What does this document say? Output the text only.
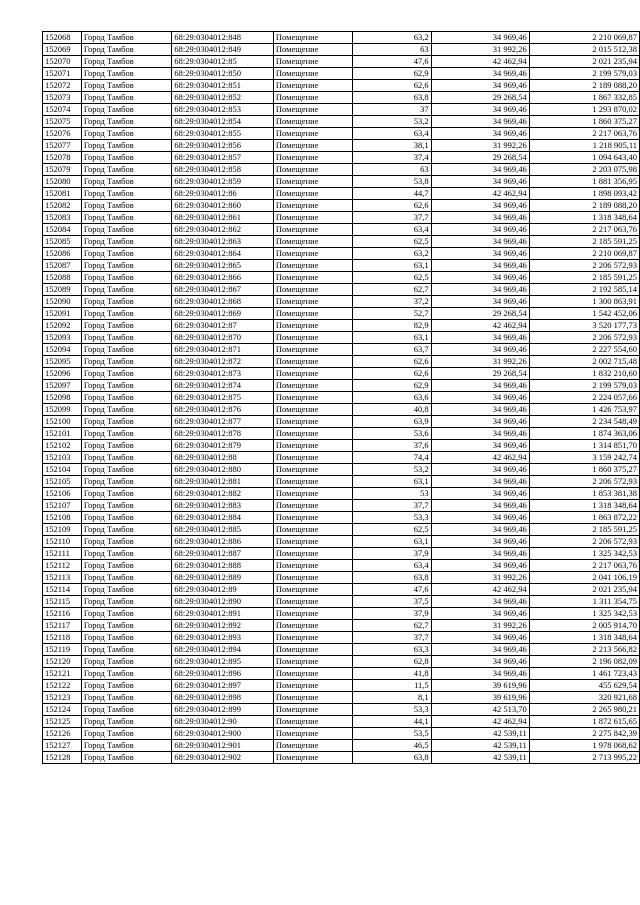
152068	Город Тамбов	68:29:0304012:848	Помещение	63,2	34 969,46	2 210 069,87
152069	Город Тамбов	68:29:0304012:849	Помещение	63	31 992,26	2 015 512,38
152070	Город Тамбов	68:29:0304012:85	Помещение	47,6	42 462,94	2 021 235,94
152071	Город Тамбов	68:29:0304012:850	Помещение	62,9	34 969,46	2 199 579,03
152072	Город Тамбов	68:29:0304012:851	Помещение	62,6	34 969,46	2 189 088,20
152073	Город Тамбов	68:29:0304012:852	Помещение	63,8	29 268,54	1 867 332,85
152074	Город Тамбов	68:29:0304012:853	Помещение	37	34 969,46	1 293 870,02
152075	Город Тамбов	68:29:0304012:854	Помещение	53,2	34 969,46	1 860 375,27
152076	Город Тамбов	68:29:0304012:855	Помещение	63,4	34 969,46	2 217 063,76
152077	Город Тамбов	68:29:0304012:856	Помещение	38,1	31 992,26	1 218 905,11
152078	Город Тамбов	68:29:0304012:857	Помещение	37,4	29 268,54	1 094 643,40
152079	Город Тамбов	68:29:0304012:858	Помещение	63	34 969,46	2 203 075,98
152080	Город Тамбов	68:29:0304012:859	Помещение	53,8	34 969,46	1 881 356,95
152081	Город Тамбов	68:29:0304012:86	Помещение	44,7	42 462,94	1 898 093,42
152082	Город Тамбов	68:29:0304012:860	Помещение	62,6	34 969,46	2 189 088,20
152083	Город Тамбов	68:29:0304012:861	Помещение	37,7	34 969,46	1 318 348,64
152084	Город Тамбов	68:29:0304012:862	Помещение	63,4	34 969,46	2 217 063,76
152085	Город Тамбов	68:29:0304012:863	Помещение	62,5	34 969,46	2 185 591,25
152086	Город Тамбов	68:29:0304012:864	Помещение	63,2	34 969,46	2 210 069,87
152087	Город Тамбов	68:29:0304012:865	Помещение	63,1	34 969,46	2 206 572,93
152088	Город Тамбов	68:29:0304012:866	Помещение	62,5	34 969,46	2 185 591,25
152089	Город Тамбов	68:29:0304012:867	Помещение	62,7	34 969,46	2 192 585,14
152090	Город Тамбов	68:29:0304012:868	Помещение	37,2	34 969,46	1 300 863,91
152091	Город Тамбов	68:29:0304012:869	Помещение	52,7	29 268,54	1 542 452,06
152092	Город Тамбов	68:29:0304012:87	Помещение	82,9	42 462,94	3 520 177,73
152093	Город Тамбов	68:29:0304012:870	Помещение	63,1	34 969,46	2 206 572,93
152094	Город Тамбов	68:29:0304012:871	Помещение	63,7	34 969,46	2 227 554,60
152095	Город Тамбов	68:29:0304012:872	Помещение	62,6	31 992,26	2 002 715,48
152096	Город Тамбов	68:29:0304012:873	Помещение	62,6	29 268,54	1 832 210,60
152097	Город Тамбов	68:29:0304012:874	Помещение	62,9	34 969,46	2 199 579,03
152098	Город Тамбов	68:29:0304012:875	Помещение	63,6	34 969,46	2 224 057,66
152099	Город Тамбов	68:29:0304012:876	Помещение	40,8	34 969,46	1 426 753,97
152100	Город Тамбов	68:29:0304012:877	Помещение	63,9	34 969,46	2 234 548,49
152101	Город Тамбов	68:29:0304012:878	Помещение	53,6	34 969,46	1 874 363,06
152102	Город Тамбов	68:29:0304012:879	Помещение	37,6	34 969,46	1 314 851,70
152103	Город Тамбов	68:29:0304012:88	Помещение	74,4	42 462,94	3 159 242,74
152104	Город Тамбов	68:29:0304012:880	Помещение	53,2	34 969,46	1 860 375,27
152105	Город Тамбов	68:29:0304012:881	Помещение	63,1	34 969,46	2 206 572,93
152106	Город Тамбов	68:29:0304012:882	Помещение	53	34 969,46	1 853 381,38
152107	Город Тамбов	68:29:0304012:883	Помещение	37,7	34 969,46	1 318 348,64
152108	Город Тамбов	68:29:0304012:884	Помещение	53,3	34 969,46	1 863 872,22
152109	Город Тамбов	68:29:0304012:885	Помещение	62,5	34 969,46	2 185 591,25
152110	Город Тамбов	68:29:0304012:886	Помещение	63,1	34 969,46	2 206 572,93
152111	Город Тамбов	68:29:0304012:887	Помещение	37,9	34 969,46	1 325 342,53
152112	Город Тамбов	68:29:0304012:888	Помещение	63,4	34 969,46	2 217 063,76
152113	Город Тамбов	68:29:0304012:889	Помещение	63,8	31 992,26	2 041 106,19
152114	Город Тамбов	68:29:0304012:89	Помещение	47,6	42 462,94	2 021 235,94
152115	Город Тамбов	68:29:0304012:890	Помещение	37,5	34 969,46	1 311 354,75
152116	Город Тамбов	68:29:0304012:891	Помещение	37,9	34 969,46	1 325 342,53
152117	Город Тамбов	68:29:0304012:892	Помещение	62,7	31 992,26	2 005 914,70
152118	Город Тамбов	68:29:0304012:893	Помещение	37,7	34 969,46	1 318 348,64
152119	Город Тамбов	68:29:0304012:894	Помещение	63,3	34 969,46	2 213 566,82
152120	Город Тамбов	68:29:0304012:895	Помещение	62,8	34 969,46	2 196 082,09
152121	Город Тамбов	68:29:0304012:896	Помещение	41,8	34 969,46	1 461 723,43
152122	Город Тамбов	68:29:0304012:897	Помещение	11,5	39 619,96	455 629,54
152123	Город Тамбов	68:29:0304012:898	Помещение	8,1	39 619,96	320 921,68
152124	Город Тамбов	68:29:0304012:899	Помещение	53,3	42 513,70	2 265 980,21
152125	Город Тамбов	68:29:0304012:90	Помещение	44,1	42 462,94	1 872 615,65
152126	Город Тамбов	68:29:0304012:900	Помещение	53,5	42 539,11	2 275 842,39
152127	Город Тамбов	68:29:0304012:901	Помещение	46,5	42 539,11	1 978 068,62
152128	Город Тамбов	68:29:0304012:902	Помещение	63,8	42 539,11	2 713 995,22
